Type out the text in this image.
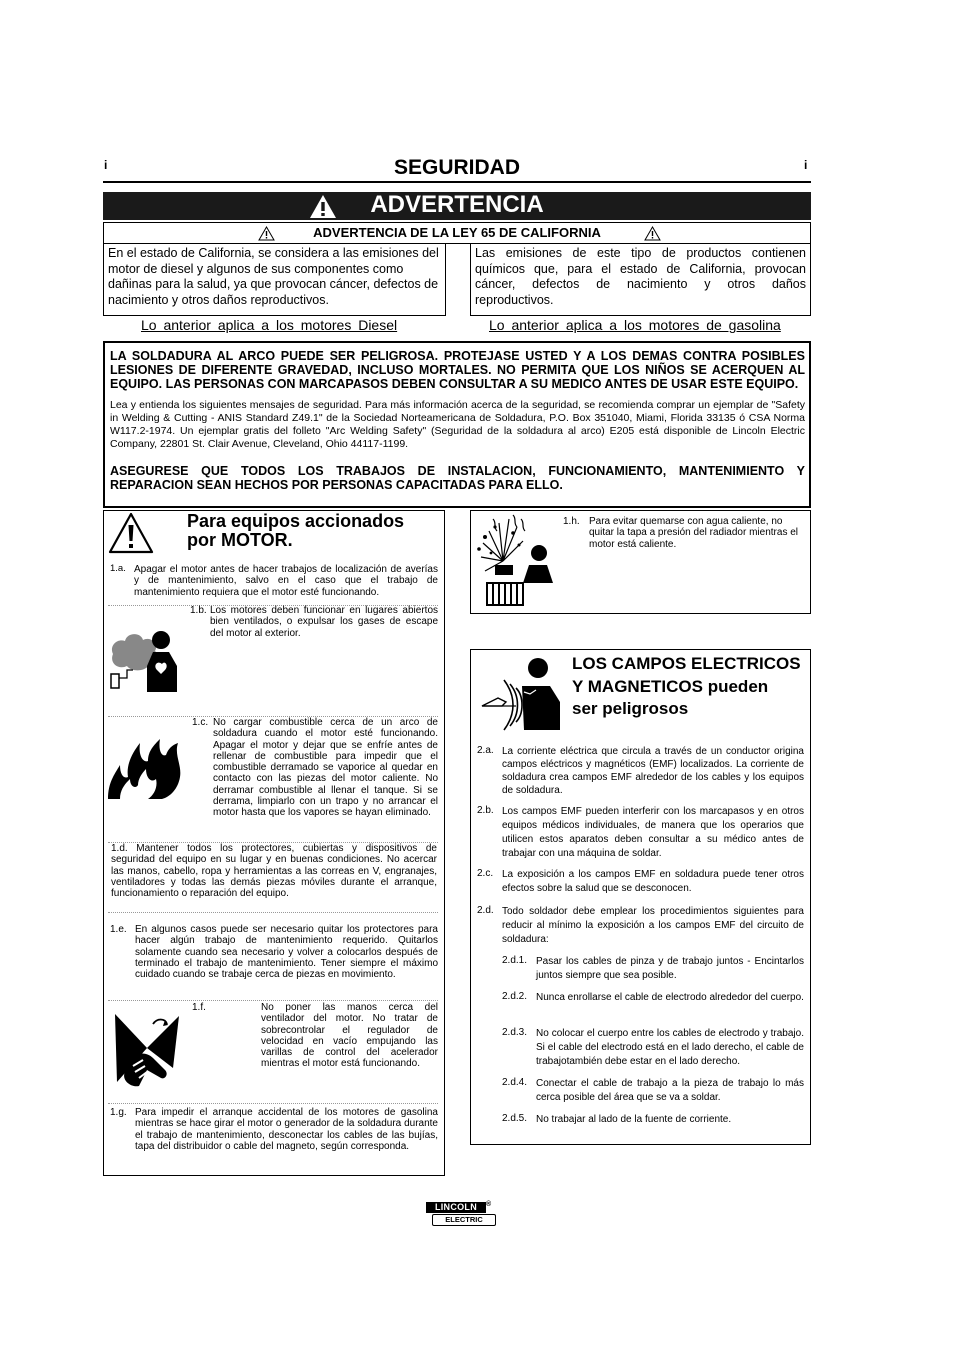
i	i
SEGURIDAD
ADVERTENCIA
ADVERTENCIA DE LA LEY 65 DE CALIFORNIA
En el estado de California, se considera a las emisiones del motor de diesel y algunos de sus componentes como dañinas para la salud, ya que provocan cáncer, defectos de nacimiento y otros daños reproductivos.
Las emisiones de este tipo de productos contienen químicos que, para el estado de California, provocan cáncer, defectos de nacimiento y otros daños reproductivos.
Lo anterior aplica a los motores Diesel	Lo anterior aplica a los motores de gasolina
LA SOLDADURA AL ARCO PUEDE SER PELIGROSA. PROTEJASE USTED Y A LOS DEMAS CONTRA POSIBLES LESIONES DE DIFERENTE GRAVEDAD, INCLUSO MORTALES. NO PERMITA QUE LOS NIÑOS SE ACERQUEN AL EQUIPO. LAS PERSONAS CON MARCAPASOS DEBEN CONSULTAR A SU MEDICO ANTES DE USAR ESTE EQUIPO.
Lea y entienda los siguientes mensajes de seguridad. Para más información acerca de la seguridad, se recomienda comprar un ejemplar de "Safety in Welding & Cutting - ANIS Standard Z49.1" de la Sociedad Norteamericana de Soldadura, P.O. Box 351040, Miami, Florida 33135 ó CSA Norma W117.2-1974. Un ejemplar gratis del folleto "Arc Welding Safety" (Seguridad de la soldadura al arco) E205 está disponible de Lincoln Electric Company, 22801 St. Clair Avenue, Cleveland, Ohio 44117-1199.
ASEGURESE QUE TODOS LOS TRABAJOS DE INSTALACION, FUNCIONAMIENTO, MANTENIMIENTO Y REPARACION SEAN HECHOS POR PERSONAS CAPACITADAS PARA ELLO.
Para equipos accionados por MOTOR.
1.a. Apagar el motor antes de hacer trabajos de localización de averías y de mantenimiento, salvo en el caso que el trabajo de mantenimiento requiera que el motor esté funcionando.
1.b. Los motores deben funcionar en lugares abiertos bien ventilados, o expulsar los gases de escape del motor al exterior.
1.c. No cargar combustible cerca de un arco de soldadura cuando el motor esté funcionando. Apagar el motor y dejar que se enfríe antes de rellenar de combustible para impedir que el combustible derramado se vaporice al quedar en contacto con las piezas del motor caliente. No derramar combustible al llenar el tanque. Si se derrama, limpiarlo con un trapo y no arrancar el motor hasta que los vapores se hayan eliminado.
1.d. Mantener todos los protectores, cubiertas y dispositivos de seguridad del equipo en su lugar y en buenas condiciones. No acercar las manos, cabello, ropa y herramientas a las correas en V, engranajes, ventiladores y todas las demás piezas móviles durante el arranque, funcionamiento o reparación del equipo.
1.e. En algunos casos puede ser necesario quitar los protectores para hacer algún trabajo de mantenimiento requerido. Quitarlos solamente cuando sea necesario y volver a colocarlos después de terminado el trabajo de mantenimiento. Tener siempre el máximo cuidado cuando se trabaje cerca de piezas en movimiento.
1.f.	No poner las manos cerca del ventilador del motor. No tratar de sobrecontrolar el regulador de velocidad en vacío empujando las varillas de control del acelerador mientras el motor está funcionando.
1.g. Para impedir el arranque accidental de los motores de gasolina mientras se hace girar el motor o generador de la soldadura durante el trabajo de mantenimiento, desconectar los cables de las bujías, tapa del distribuidor o cable del magneto, según corresponda.
1.h. Para evitar quemarse con agua caliente, no quitar la tapa a presión del radiador mientras el motor está caliente.
LOS CAMPOS ELECTRICOS
Y MAGNETICOS pueden
ser peligrosos
2.a. La corriente eléctrica que circula a través de un conductor origina campos eléctricos y magnéticos (EMF) localizados. La corriente de soldadura crea campos EMF alrededor de los cables y los equipos de soldadura.
2.b. Los campos EMF pueden interferir con los marcapasos y en otros equipos médicos individuales, de manera que los operarios que utilicen estos aparatos deben consultar a su médico antes de trabajar con una máquina de soldar.
2.c. La exposición a los campos EMF en soldadura puede tener otros efectos sobre la salud que se desconocen.
2.d. Todo soldador debe emplear los procedimientos siguientes para reducir al mínimo la exposición a los campos EMF del circuito de soldadura:
2.d.1. Pasar los cables de pinza y de trabajo juntos - Encintarlos juntos siempre que sea posible.
2.d.2. Nunca enrollarse el cable de electrodo alrededor del cuerpo.
2.d.3. No colocar el cuerpo entre los cables de electrodo y trabajo. Si el cable del electrodo está en el lado derecho, el cable de trabajotambién debe estar en el lado derecho.
2.d.4. Conectar el cable de trabajo a la pieza de trabajo lo más cerca posible del área que se va a soldar.
2.d.5. No trabajar al lado de la fuente de corriente.
LINCOLN	®
ELECTRIC
